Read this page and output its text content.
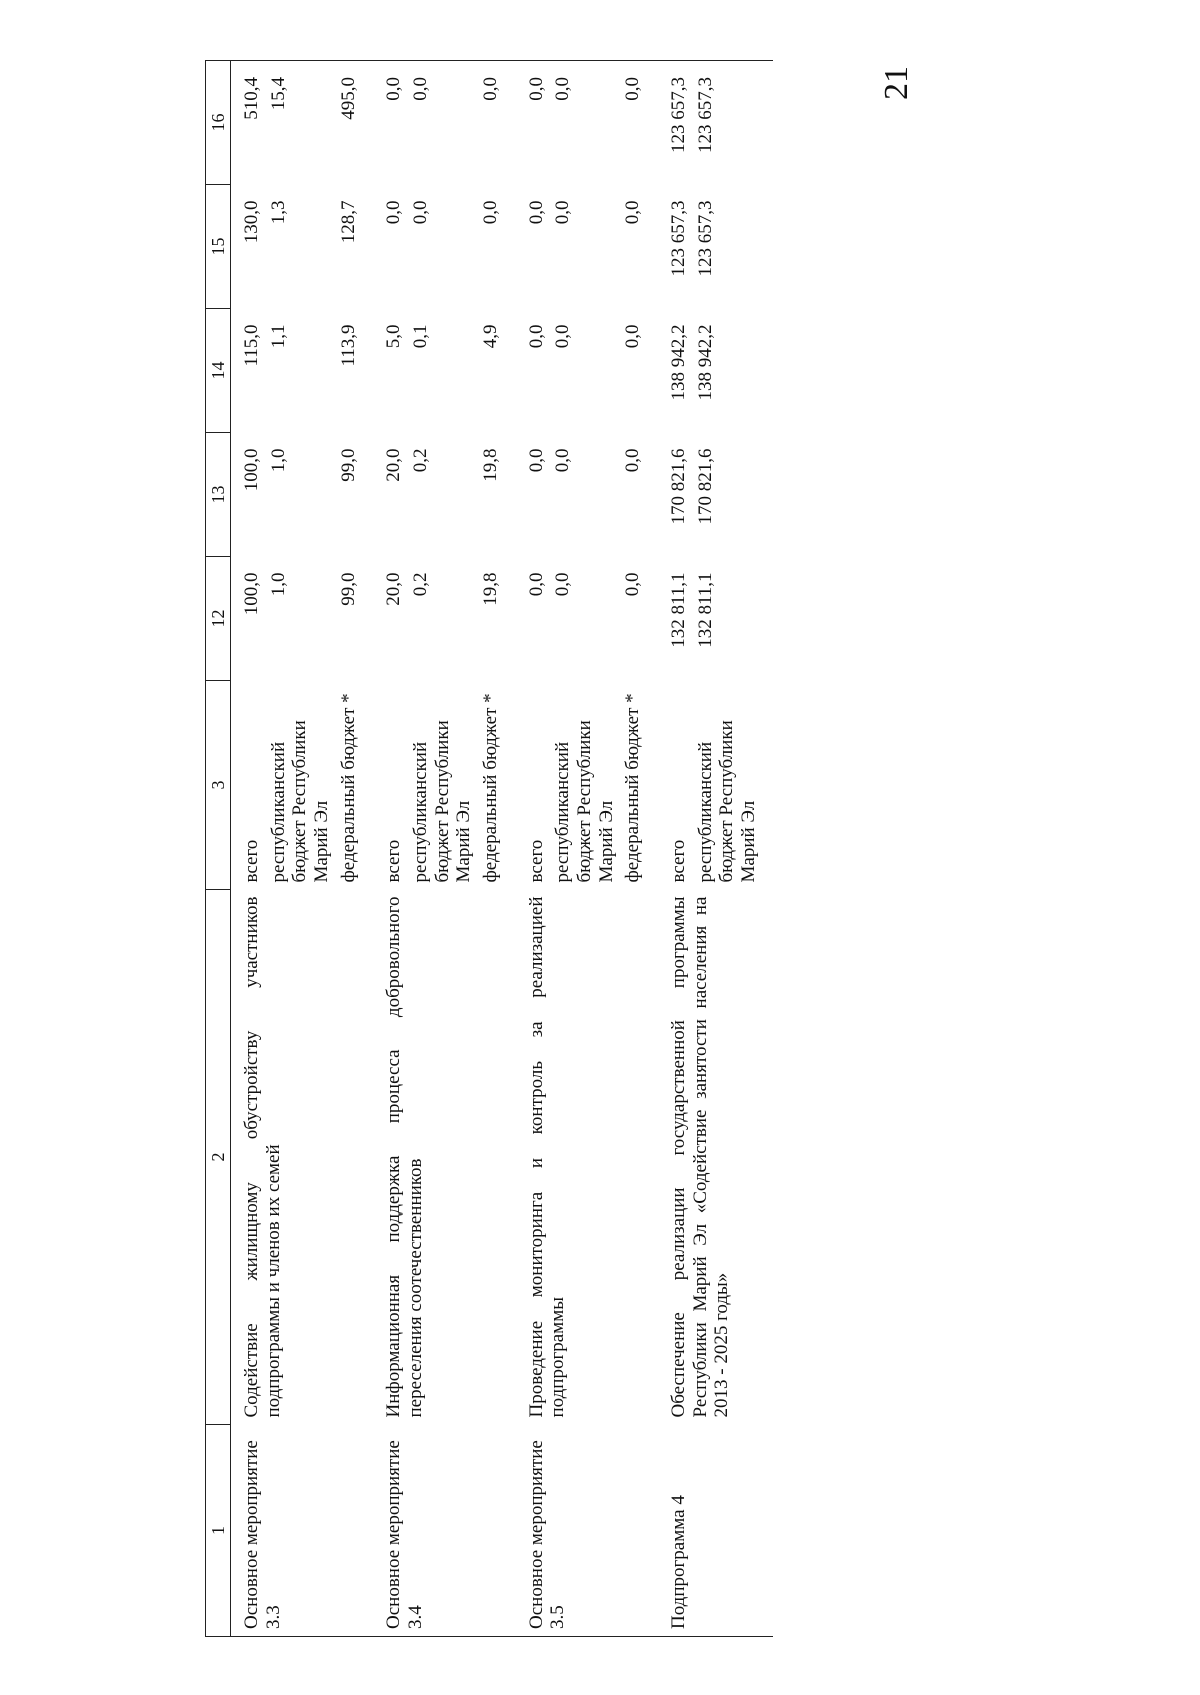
21
1	2	3	12	13	14	15	16
Основное мероприятие 3.3	Содействие жилищному обустройству участников подпрограммы и членов их семей	всего	100,0	100,0	115,0	130,0	510,4
		республиканский бюджет Республики Марий Эл	1,0	1,0	1,1	1,3	15,4
		федеральный бюджет *	99,0	99,0	113,9	128,7	495,0
Основное мероприятие 3.4	Информационная поддержка процесса добровольного переселения соотечественников	всего	20,0	20,0	5,0	0,0	0,0
		республиканский бюджет Республики Марий Эл	0,2	0,2	0,1	0,0	0,0
		федеральный бюджет *	19,8	19,8	4,9	0,0	0,0
Основное мероприятие 3.5	Проведение мониторинга и контроль за реализацией подпрограммы	всего	0,0	0,0	0,0	0,0	0,0
		республиканский бюджет Республики Марий Эл	0,0	0,0	0,0	0,0	0,0
		федеральный бюджет *	0,0	0,0	0,0	0,0	0,0
Подпрограмма 4	Обеспечение реализации государственной программы Республики Марий Эл «Содействие занятости населения на 2013 - 2025 годы»	всего	132 811,1	170 821,6	138 942,2	123 657,3	123 657,3
		республиканский бюджет Республики Марий Эл	132 811,1	170 821,6	138 942,2	123 657,3	123 657,3
